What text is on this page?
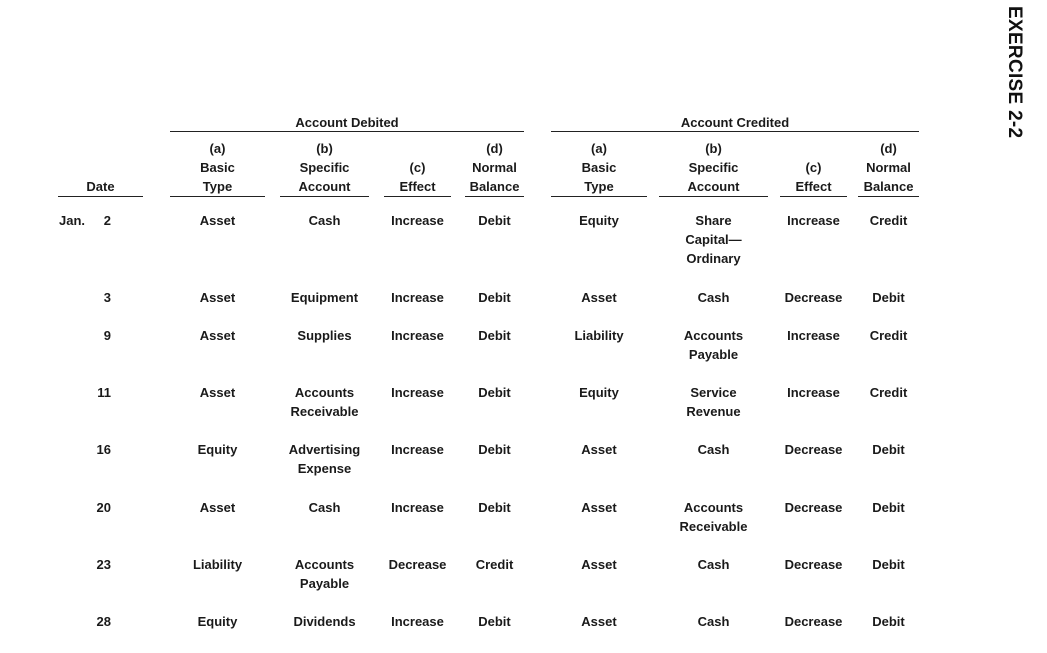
EXERCISE 2-2
Account Debited	Account Credited
Date
(a)
Basic
Type
(b)
Specific
Account
(c)
Effect
(d)
Normal
Balance
(a)
Basic
Type
(b)
Specific
Account
(c)
Effect
(d)
Normal
Balance
Jan.	2	Asset	Cash	Increase	Debit	Equity	Share
Capital—
Ordinary
Increase	Credit
3	Asset	Equipment	Increase	Debit	Asset	Cash	Decrease	Debit
9	Asset	Supplies	Increase	Debit	Liability	Accounts
Payable
Increase	Credit
11	Asset	Accounts
Receivable
Increase	Debit	Equity	Service
Revenue
Increase	Credit
16	Equity	Advertising
Expense
Increase	Debit	Asset	Cash	Decrease	Debit
20	Asset	Cash	Increase	Debit	Asset	Accounts
Receivable
Decrease	Debit
23	Liability	Accounts
Payable
Decrease	Credit	Asset	Cash	Decrease	Debit
28	Equity	Dividends	Increase	Debit	Asset	Cash	Decrease	Debit
